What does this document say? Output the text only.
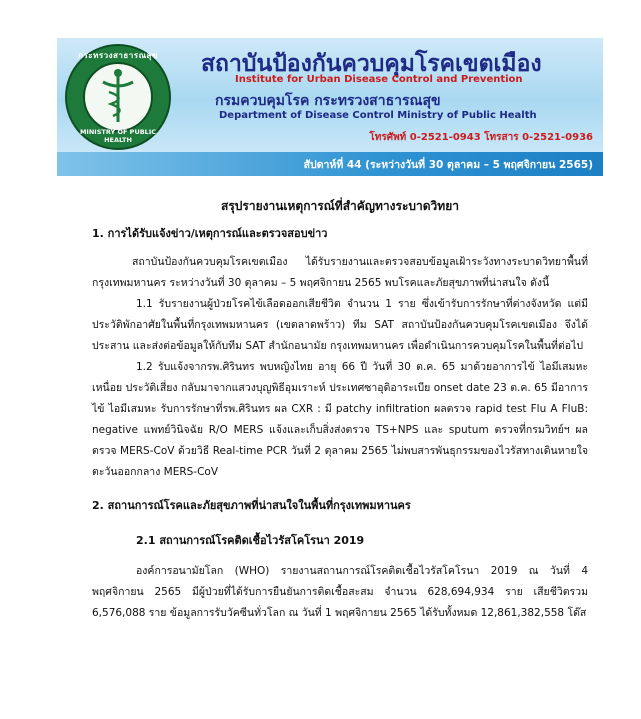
กระทรวงสาธารณสุข
MINISTRY OF PUBLIC HEALTH
สถาบันป้องกันควบคุมโรคเขตเมือง
Institute for Urban Disease Control and Prevention
กรมควบคุมโรค กระทรวงสาธารณสุข
Department of Disease Control Ministry of Public Health
โทรศัพท์ 0-2521-0943 โทรสาร 0-2521-0936
สัปดาห์ที่ 44 (ระหว่างวันที่ 30 ตุลาคม – 5 พฤศจิกายน 2565)
สรุปรายงานเหตุการณ์ที่สำคัญทางระบาดวิทยา
1. การได้รับแจ้งข่าว/เหตุการณ์และตรวจสอบข่าว

สถาบันป้องกันควบคุมโรคเขตเมือง ได้รับรายงานและตรวจสอบข้อมูลเฝ้าระวังทางระบาดวิทยาพื้นที่กรุงเทพมหานคร ระหว่างวันที่ 30 ตุลาคม – 5 พฤศจิกายน 2565 พบโรคและภัยสุขภาพที่น่าสนใจ ดังนี้

1.1 รับรายงานผู้ป่วยโรคไข้เลือดออกเสียชีวิต จำนวน 1 ราย ซึ่งเข้ารับการรักษาที่ต่างจังหวัด แต่มีประวัติพักอาศัยในพื้นที่กรุงเทพมหานคร (เขตลาดพร้าว) ทีม SAT สถาบันป้องกันควบคุมโรคเขตเมือง จึงได้ประสาน และส่งต่อข้อมูลให้กับทีม SAT สำนักอนามัย กรุงเทพมหานคร เพื่อดำเนินการควบคุมโรคในพื้นที่ต่อไป

1.2 รับแจ้งจากรพ.ศิรินทร พบหญิงไทย อายุ 66 ปี วันที่ 30 ต.ค. 65 มาด้วยอาการไข้ ไอมีเสมหะ เหนื่อย ประวัติเสี่ยง กลับมาจากแสวงบุญพิธีอุมเราะห์ ประเทศซาอุดิอาระเบีย onset date 23 ต.ค. 65 มีอาการไข้ ไอมีเสมหะ รับการรักษาที่รพ.ศิรินทร ผล CXR : มี patchy infiltration ผลตรวจ rapid test Flu A FluB: negative แพทย์วินิจฉัย R/O MERS แจ้งและเก็บสิ่งส่งตรวจ TS+NPS และ sputum ตรวจที่กรมวิทย์ฯ ผลตรวจ MERS-CoV ด้วยวิธี Real-time PCR วันที่ 2 ตุลาคม 2565 ไม่พบสารพันธุกรรมของไวรัสทางเดินหายใจตะวันออกกลาง MERS-CoV

2. สถานการณ์โรคและภัยสุขภาพที่น่าสนใจในพื้นที่กรุงเทพมหานคร
2.1 สถานการณ์โรคติดเชื้อไวรัสโคโรนา 2019

องค์การอนามัยโลก (WHO) รายงานสถานการณ์โรคติดเชื้อไวรัสโคโรนา 2019 ณ วันที่ 4 พฤศจิกายน 2565 มีผู้ป่วยที่ได้รับการยืนยันการติดเชื้อสะสม จำนวน 628,694,934 ราย เสียชีวิตรวม 6,576,088 ราย ข้อมูลการรับวัคซีนทั่วโลก ณ วันที่ 1 พฤศจิกายน 2565 ได้รับทั้งหมด 12,861,382,558 โด๊ส
